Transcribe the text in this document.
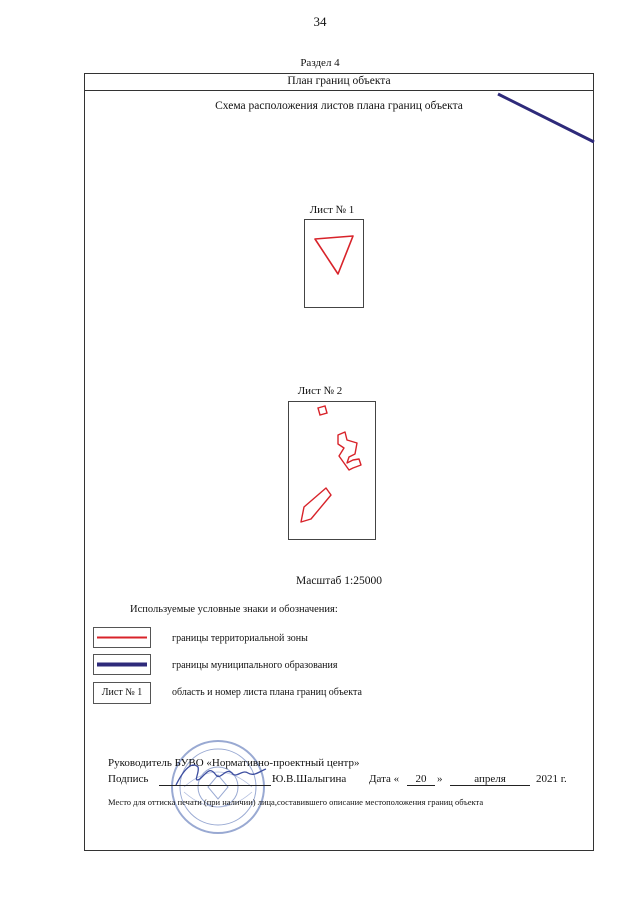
34
Раздел 4
План границ объекта
Схема расположения листов плана границ объекта
Лист № 1
Лист № 2
Масштаб 1:25000
Используемые условные знаки и обозначения:
границы территориальной зоны
границы муниципального образования
Лист № 1	область и номер листа плана границ объекта
Руководитель БУВО «Нормативно-проектный центр»
Подпись	Ю.В.Шалыгина Дата «	20 »	апреля	2021 г.
Место для оттиска печати (при наличии) лица,составившего описание местоположения границ объекта
